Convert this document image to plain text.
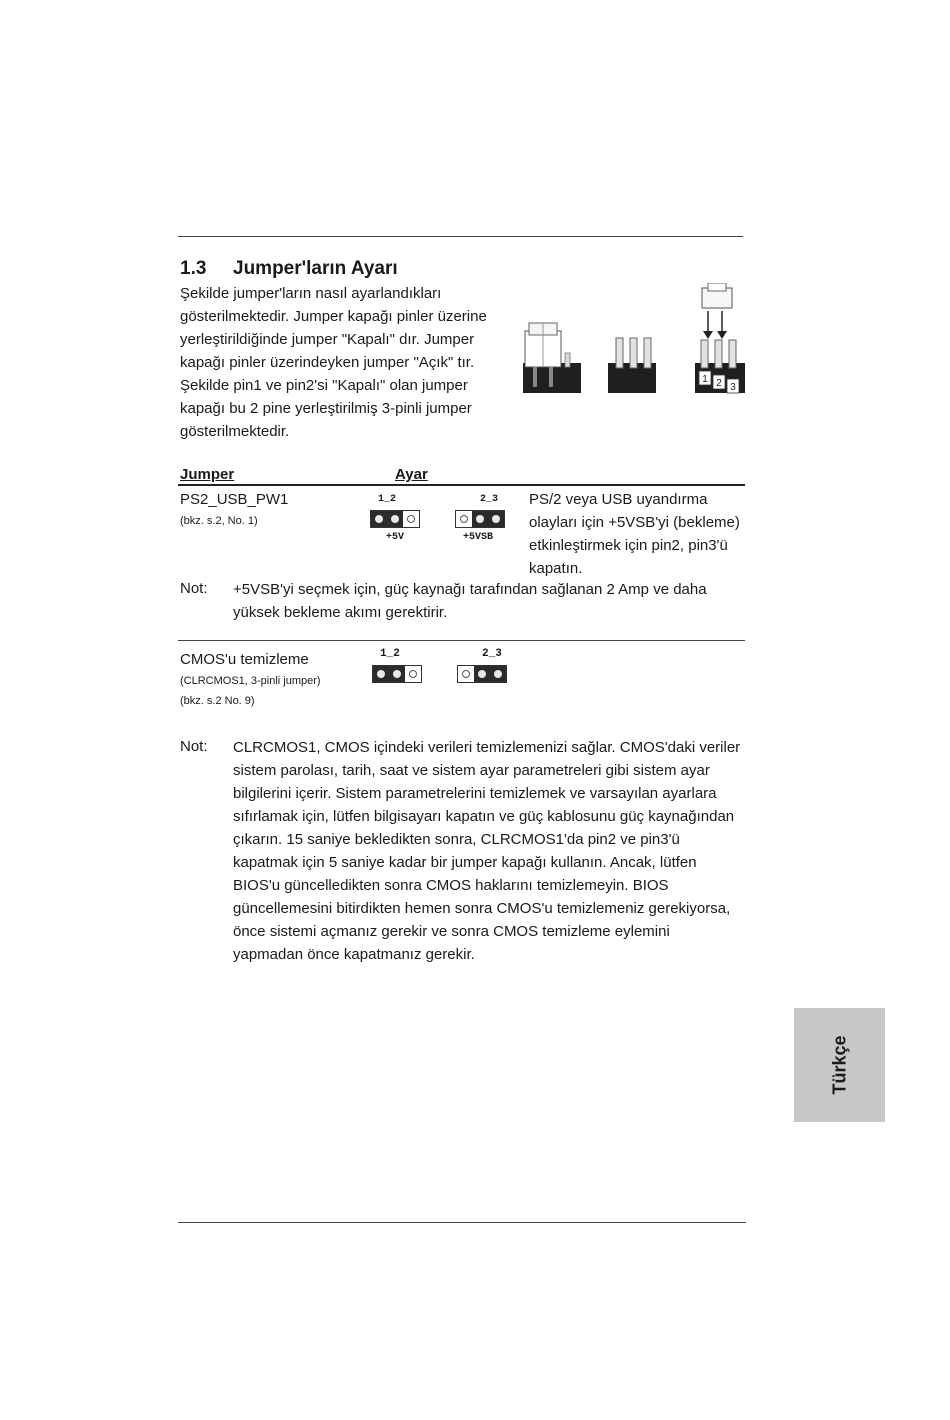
1.3 Jumper'ların Ayarı
Şekilde jumper'ların nasıl ayarlandıkları
gösterilmektedir. Jumper kapağı pinler üzerine
yerleştirildiğinde jumper "Kapalı" dır. Jumper
kapağı pinler üzerindeyken jumper "Açık" tır.
Şekilde pin1 ve pin2'si "Kapalı" olan jumper
kapağı bu 2 pine yerleştirilmiş 3-pinli jumper
gösterilmektedir.
1 2 3
Jumper	Ayar
PS2_USB_PW1
(bkz. s.2, No. 1)
1_2
+5V
2_3
+5VSB
PS/2 veya USB uyandırma
olayları için +5VSB'yi (bekleme)
etkinleştirmek için pin2, pin3'ü
kapatın.
Not: +5VSB'yi seçmek için, güç kaynağı tarafından sağlanan 2 Amp ve daha
yüksek bekleme akımı gerektirir.
CMOS'u temizleme
(CLRCMOS1, 3-pinli jumper)
(bkz. s.2 No. 9)
1_2	2_3
Not: CLRCMOS1, CMOS içindeki verileri temizlemenizi sağlar. CMOS'daki veriler
sistem parolası, tarih, saat ve sistem ayar parametreleri gibi sistem ayar
bilgilerini içerir. Sistem parametrelerini temizlemek ve varsayılan ayarlara
sıfırlamak için, lütfen bilgisayarı kapatın ve güç kablosunu güç kaynağından
çıkarın. 15 saniye bekledikten sonra, CLRCMOS1'da pin2 ve pin3'ü
kapatmak için 5 saniye kadar bir jumper kapağı kullanın. Ancak, lütfen
BIOS'u güncelledikten sonra CMOS haklarını temizlemeyin. BIOS
güncellemesini bitirdikten hemen sonra CMOS'u temizlemeniz gerekiyorsa,
önce sistemi açmanız gerekir ve sonra CMOS temizleme eylemini
yapmadan önce kapatmanız gerekir.
Türkçe
